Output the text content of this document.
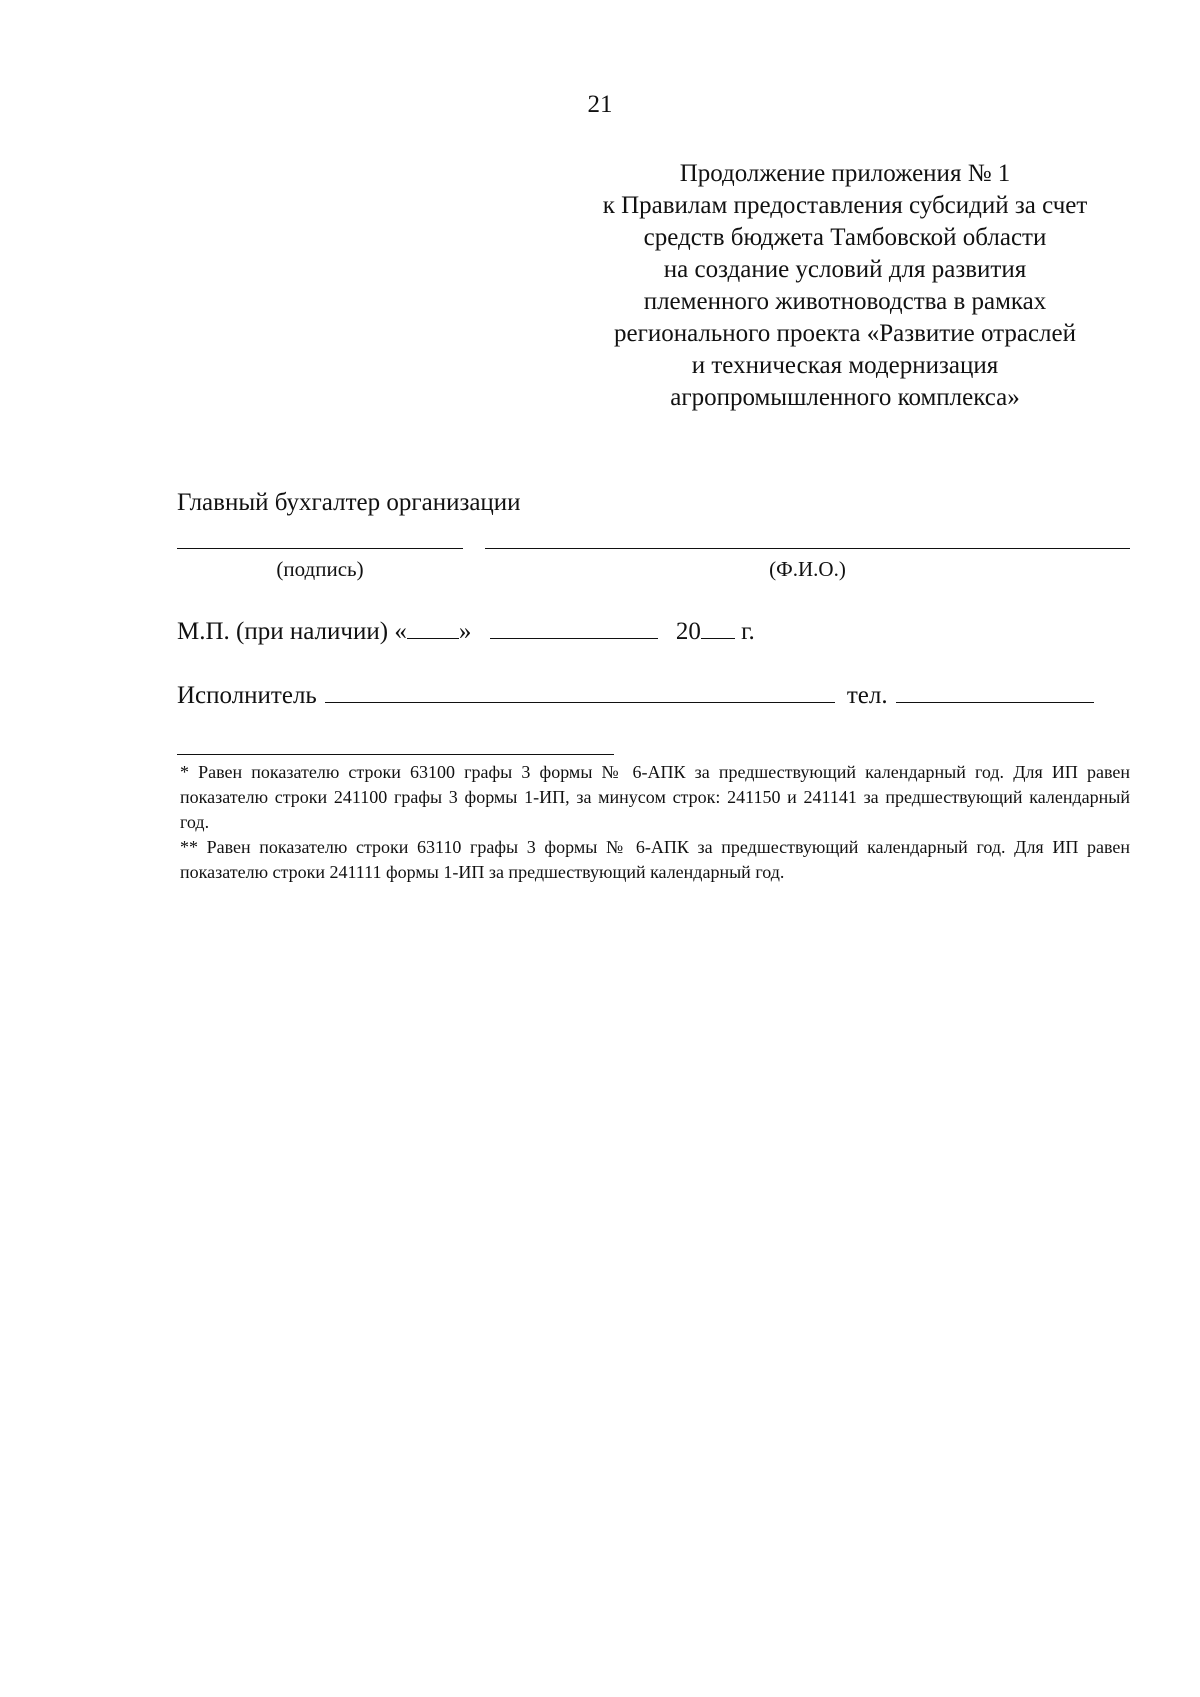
21
Продолжение приложения № 1
к Правилам предоставления субсидий за счет
средств бюджета Тамбовской области
на создание условий для развития
племенного животноводства в рамках
регионального проекта «Развитие отраслей
и техническая модернизация
агропромышленного комплекса»
Главный бухгалтер организации
(подпись)	(Ф.И.О.)
М.П. (при наличии) « »	20 г.
Исполнитель	тел.

* Равен показателю строки 63100 графы 3 формы № 6-АПК за предшествующий календарный год. Для ИП равен показателю строки 241100 графы 3 формы 1-ИП, за минусом строк: 241150 и 241141 за предшествующий календарный год.

** Равен показателю строки 63110 графы 3 формы № 6-АПК за предшествующий календарный год. Для ИП равен показателю строки 241111 формы 1-ИП за предшествующий календарный год.
